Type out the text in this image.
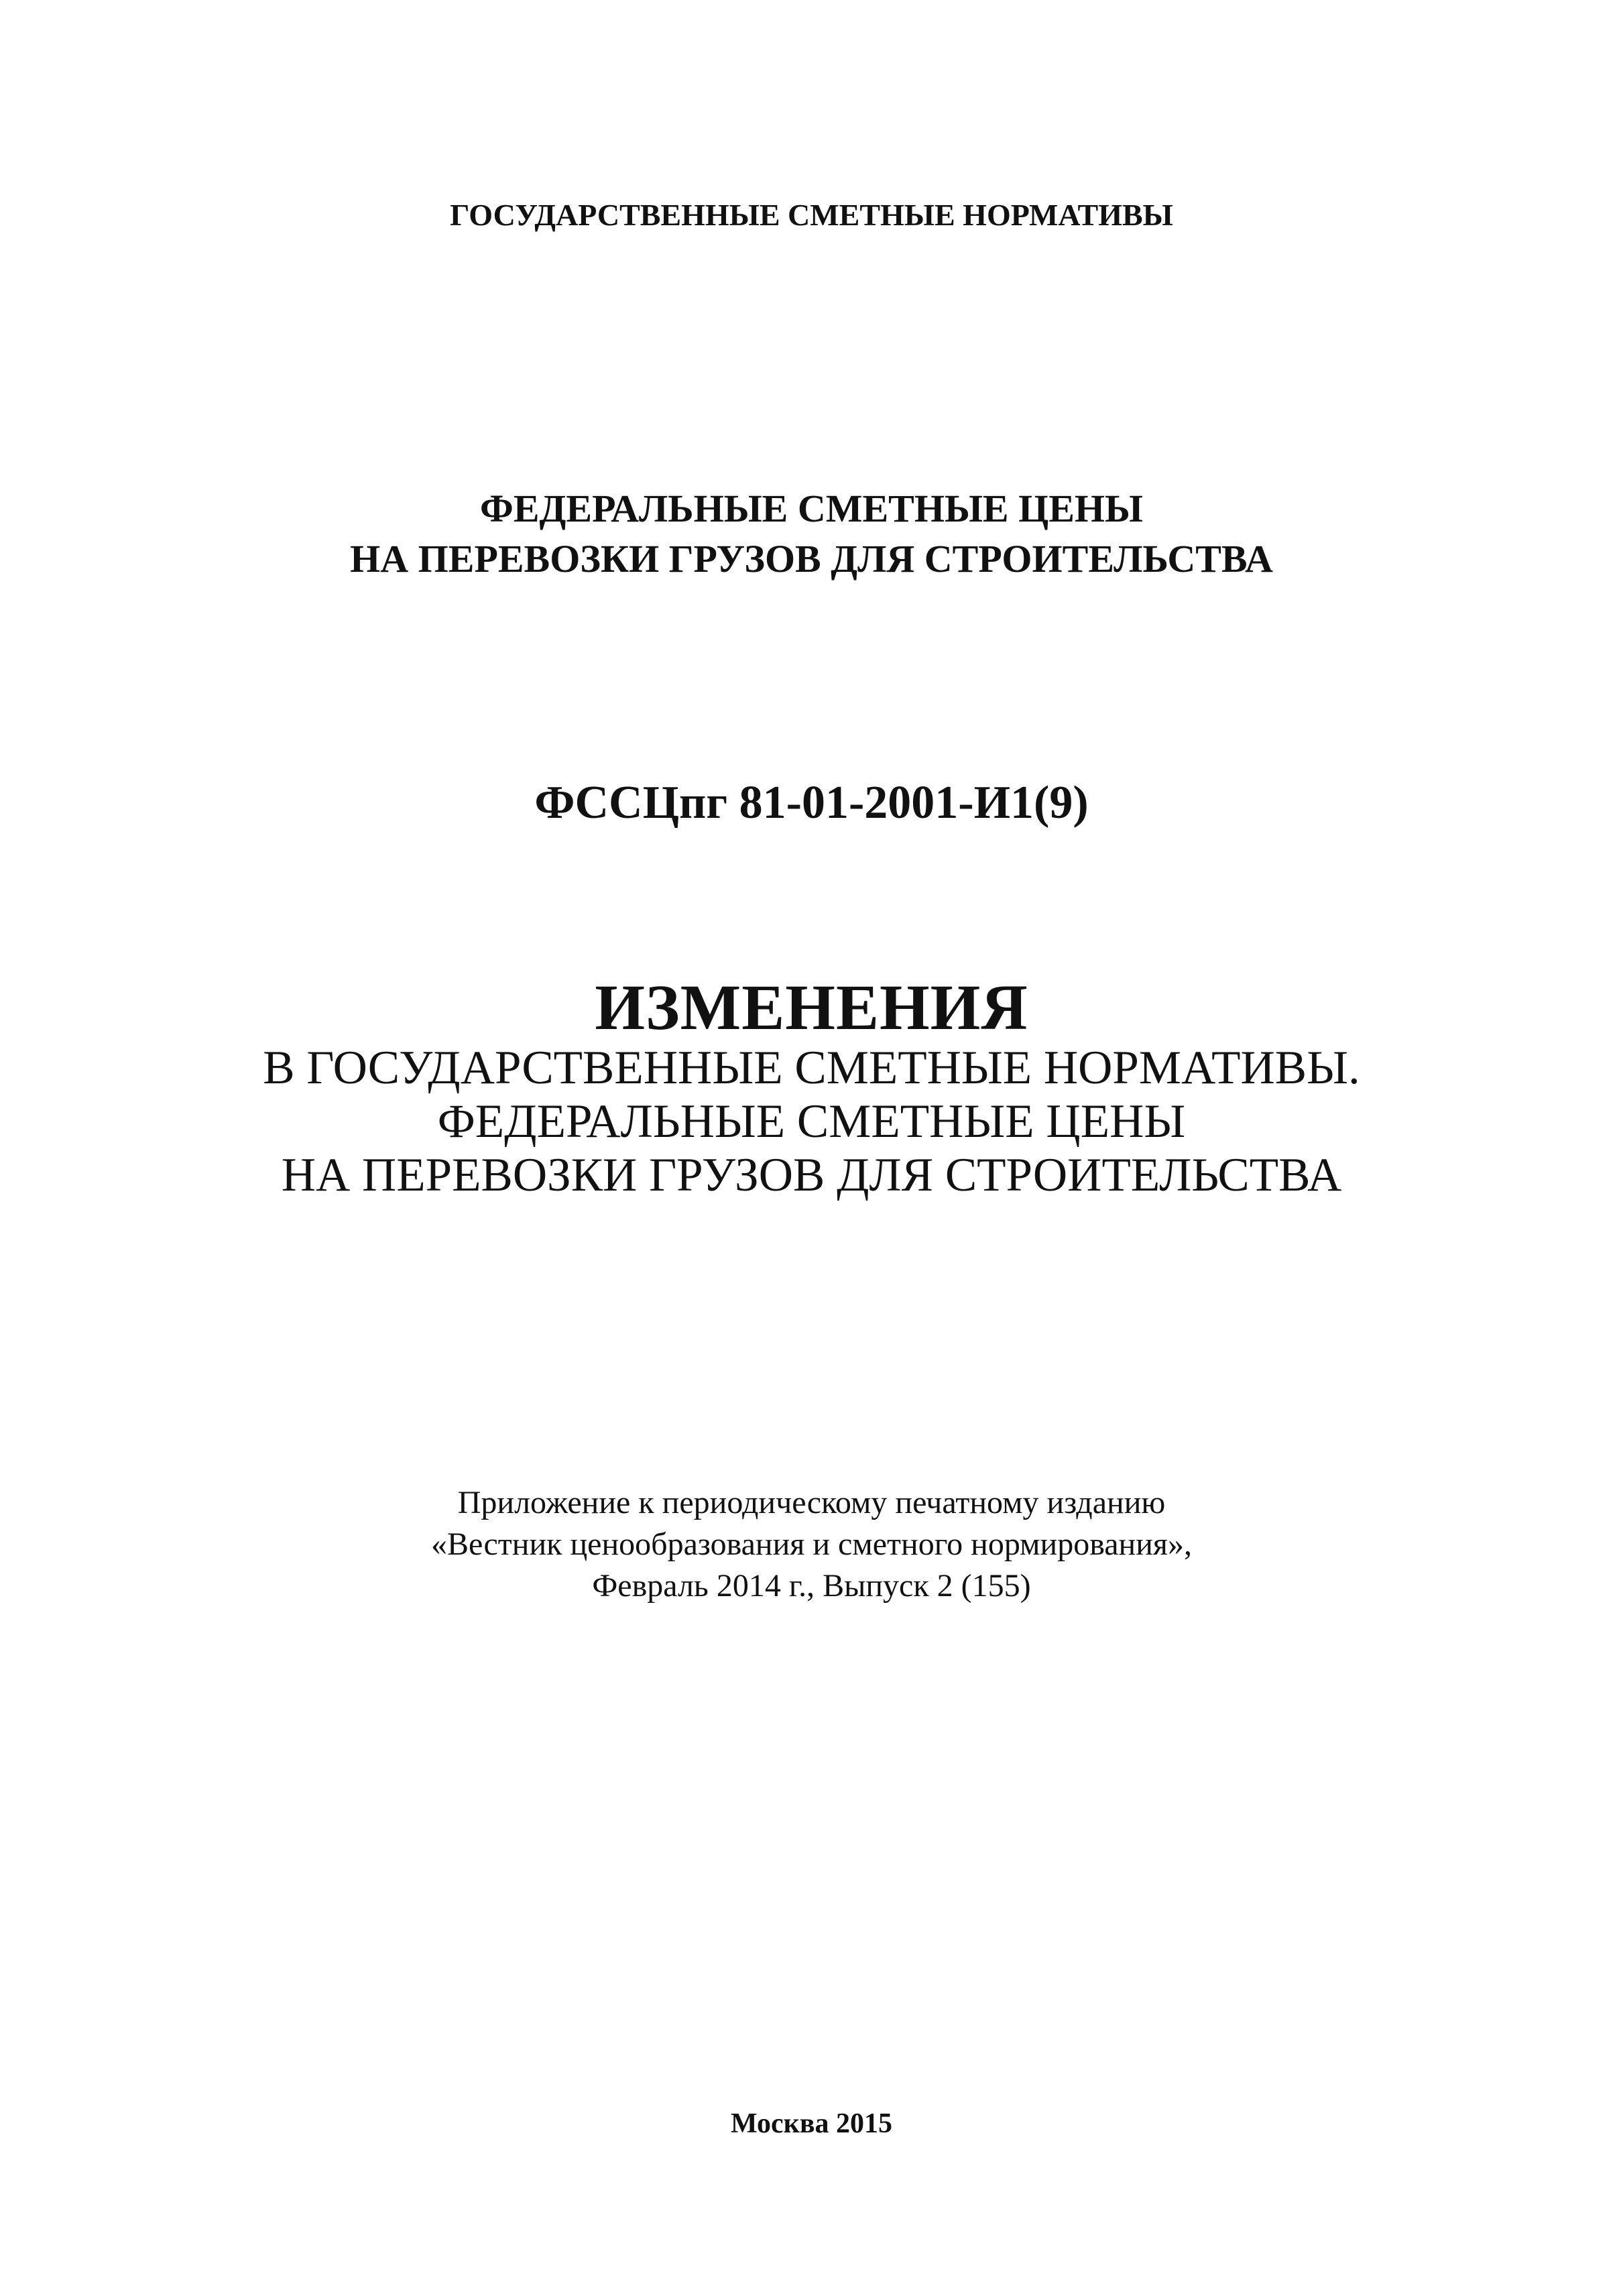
ГОСУДАРСТВЕННЫЕ СМЕТНЫЕ НОРМАТИВЫ
ФЕДЕРАЛЬНЫЕ СМЕТНЫЕ ЦЕНЫ
НА ПЕРЕВОЗКИ ГРУЗОВ ДЛЯ СТРОИТЕЛЬСТВА
ФССЦпг 81-01-2001-И1(9)
ИЗМЕНЕНИЯ
В ГОСУДАРСТВЕННЫЕ СМЕТНЫЕ НОРМАТИВЫ.
ФЕДЕРАЛЬНЫЕ СМЕТНЫЕ ЦЕНЫ
НА ПЕРЕВОЗКИ ГРУЗОВ ДЛЯ СТРОИТЕЛЬСТВА
Приложение к периодическому печатному изданию
«Вестник ценообразования и сметного нормирования»,
Февраль 2014 г., Выпуск 2 (155)
Москва 2015
